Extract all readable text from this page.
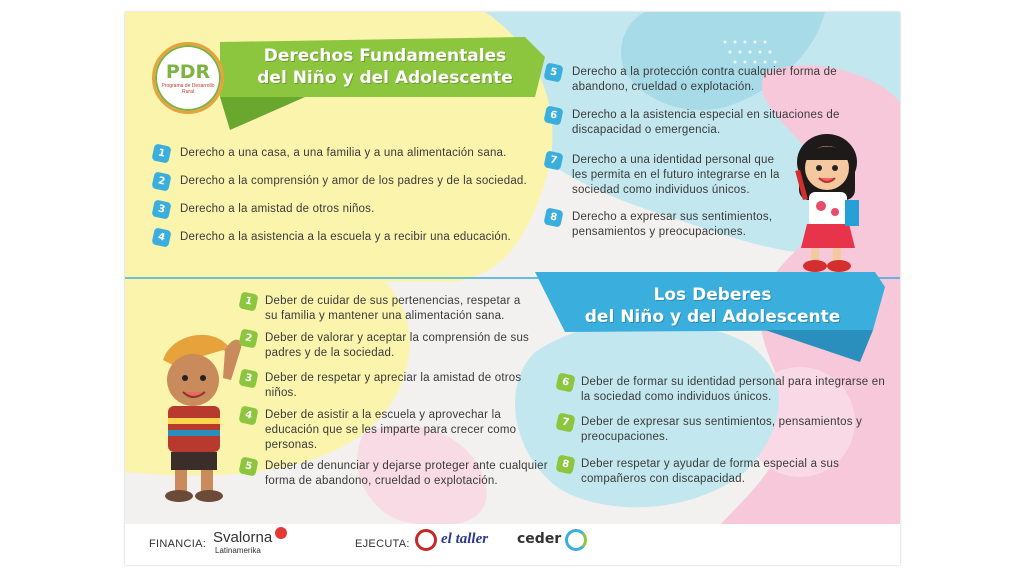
PDR
Programa de Desarrollo Rural
Derechos Fundamentales
del Niño y del Adolescente
1	Derecho a una casa, a una familia y a una alimentación sana.
2	Derecho a la comprensión y amor de los padres y de la sociedad.
3	Derecho a la amistad de otros niños.
4	Derecho a la asistencia a la escuela y a recibir una educación.
5	Derecho a la protección contra cualquier forma de abandono, crueldad o explotación.
6	Derecho a la asistencia especial en situaciones de discapacidad o emergencia.
7	Derecho a una identidad personal que les permita en el futuro integrarse en la sociedad como individuos únicos.
8	Derecho a expresar sus sentimientos, pensamientos y preocupaciones.
Los Deberes
del Niño y del Adolescente
1	Deber de cuidar de sus pertenencias, respetar a su familia y mantener una alimentación sana.
2	Deber de valorar y aceptar la comprensión de sus padres y de la sociedad.
3	Deber de respetar y apreciar la amistad de otros niños.
4	Deber de asistir a la escuela y aprovechar la educación que se les imparte para crecer como personas.
5	Deber de denunciar y dejarse proteger ante cualquier forma de abandono, crueldad o explotación.
6 Deber de formar su identidad personal para integrarse en la sociedad como individuos únicos.
7 Deber de expresar sus sentimientos, pensamientos y preocupaciones.
8 Deber respetar y ayudar de forma especial a sus compañeros con discapacidad.
FINANCIA: Svalorna
Latinamerika
EJECUTA: el taller ceder
